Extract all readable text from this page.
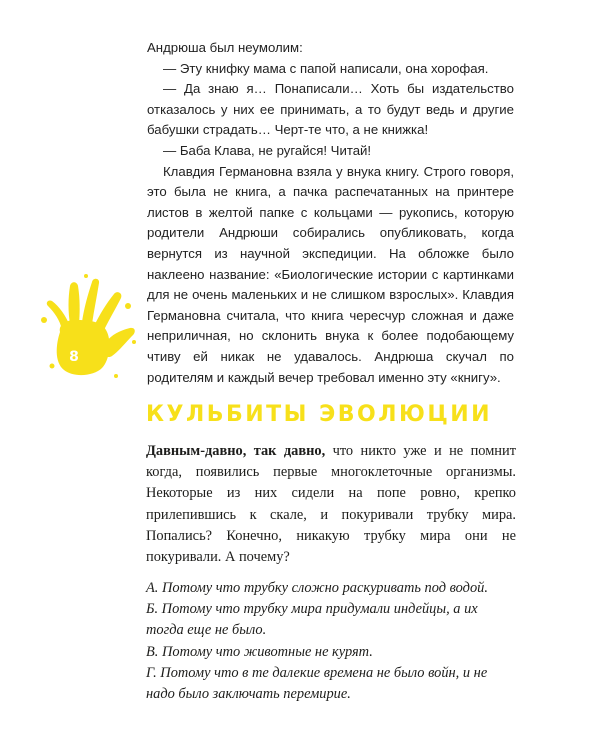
Андрюша был неумолим:

— Эту книфку мама с папой написали, она хорофая.

— Да знаю я… Понаписали… Хоть бы издательство отказалось у них ее принимать, а то будут ведь и другие бабушки страдать… Черт-те что, а не книжка!

— Баба Клава, не ругайся! Читай!

Клавдия Германовна взяла у внука книгу. Строго говоря, это была не книга, а пачка распечатанных на принтере листов в желтой папке с кольцами — рукопись, которую родители Андрюши собирались опубликовать, когда вернутся из научной экспедиции. На обложке было наклеено название: «Биологические истории с картинками для не очень маленьких и не слишком взрослых». Клавдия Германовна считала, что книга чересчур сложная и даже неприличная, но склонить внука к более подобающему чтиву ей никак не удавалось. Андрюша скучал по родителям и каждый вечер требовал именно эту «книгу».

8
КУЛЬБИТЫ ЭВОЛЮЦИИ

Давным-давно, так давно, что никто уже и не помнит когда, появились первые многоклеточные организмы. Некоторые из них сидели на попе ровно, крепко прилепившись к скале, и покуривали трубку мира. Попались? Конечно, никакую трубку мира они не покуривали. А почему?

А. Потому что трубку сложно раскуривать под водой.

Б. Потому что трубку мира придумали индейцы, а их тогда еще не было.

В. Потому что животные не курят.

Г. Потому что в те далекие времена не было войн, и не надо было заключать перемирие.
